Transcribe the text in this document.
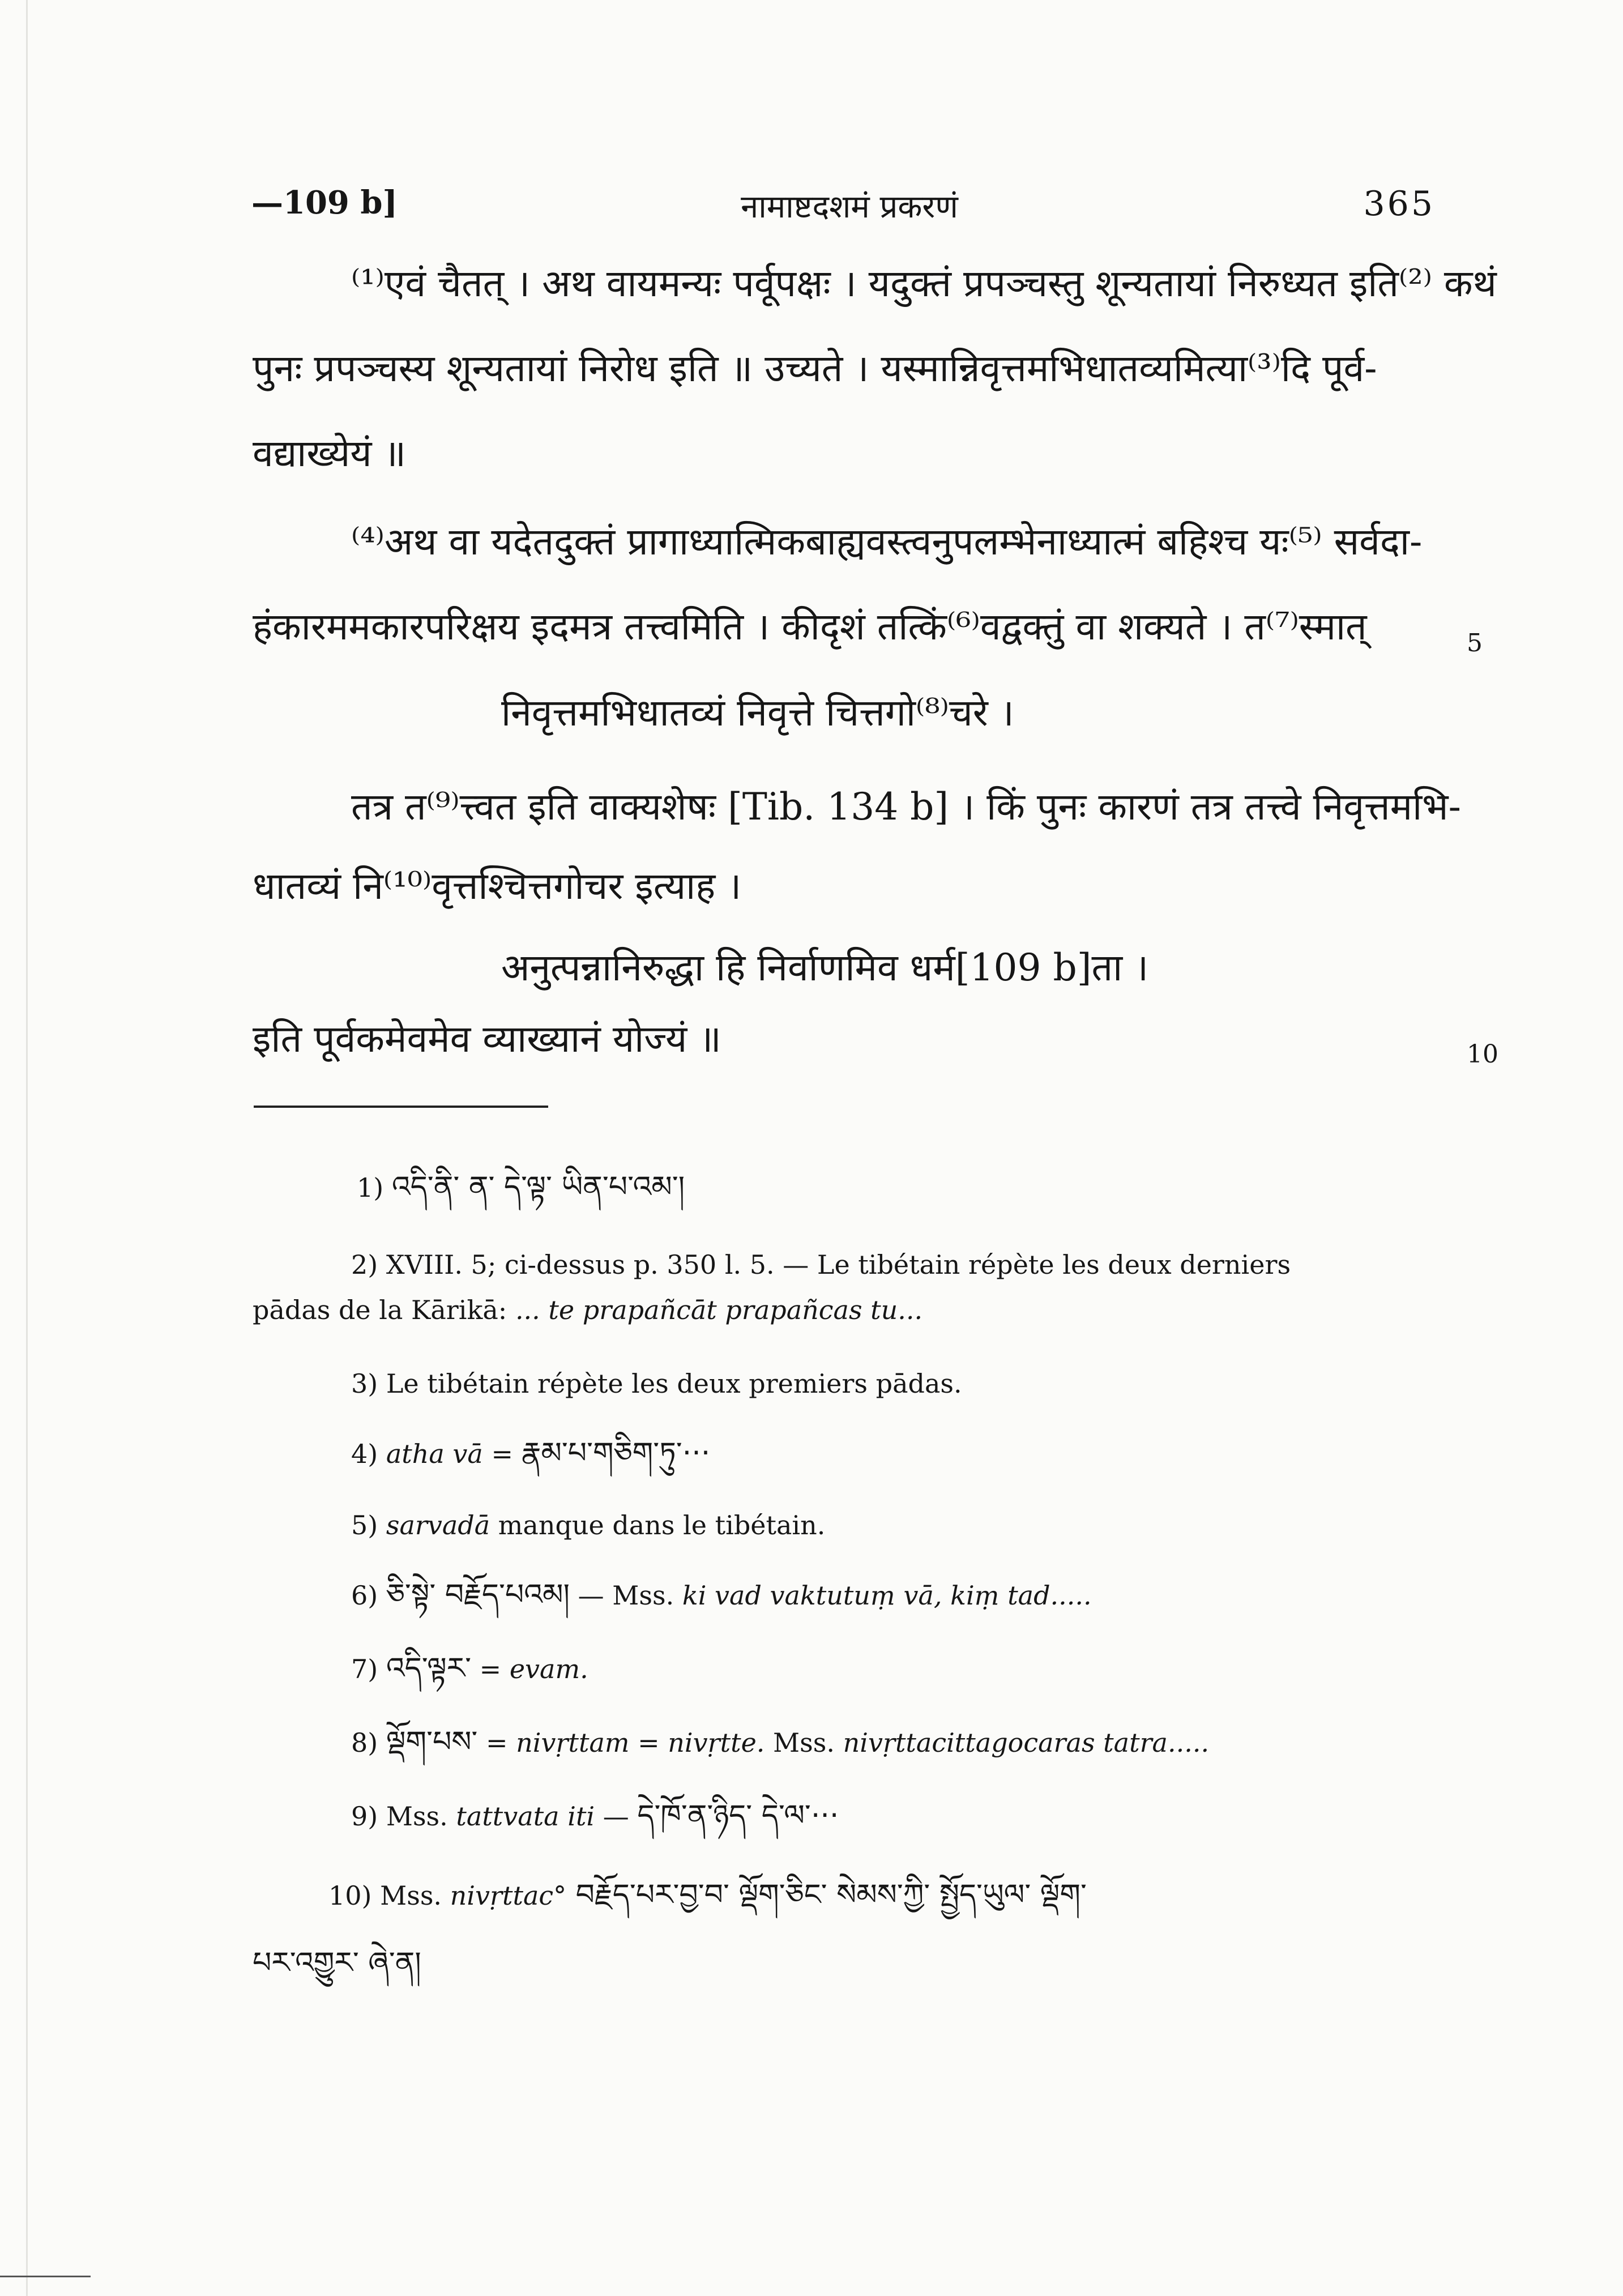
—109 b]	नामाष्टदशमं प्रकरणं	365
⁽¹⁾एवं चैतत् । अथ वायमन्यः पर्वूपक्षः । यदुक्तं प्रपञ्चस्तु शून्यतायां निरुध्यत इति⁽²⁾ कथं
पुनः प्रपञ्चस्य शून्यतायां निरोध इति ॥ उच्यते । यस्मान्निवृत्तमभिधातव्यमित्या⁽³⁾दि पूर्व-
वद्याख्येयं ॥
⁽⁴⁾अथ वा यदेतदुक्तं प्रागाध्यात्मिकबाह्यवस्त्वनुपलम्भेनाध्यात्मं बहिश्च यः⁽⁵⁾ सर्वदा-
हंकारममकारपरिक्षय इदमत्र तत्त्वमिति । कीदृशं तत्किं⁽⁶⁾वद्वक्तुं वा शक्यते । त⁽⁷⁾स्मात्	5
निवृत्तमभिधातव्यं निवृत्ते चित्तगो⁽⁸⁾चरे ।
तत्र त⁽⁹⁾त्त्वत इति वाक्यशेषः [Tib. 134 b] । किं पुनः कारणं तत्र तत्त्वे निवृत्तमभि-
धातव्यं नि⁽¹⁰⁾वृत्तश्चित्तगोचर इत्याह ।
अनुत्पन्नानिरुद्धा हि निर्वाणमिव धर्म[109 b]ता ।
इति पूर्वकमेवमेव व्याख्यानं योज्यं ॥	10
1) འདི་ནི་ ན་ དེ་ལྟ་ ཡིན་པ་འམ་།
2) XVIII. 5; ci-dessus p. 350 l. 5. — Le tibétain répète les deux derniers
pādas de la Kārikā: ... te prapañcāt prapañcas tu...
3) Le tibétain répète les deux premiers pādas.
4) atha vā = རྣམ་པ་གཅིག་ཏུ་···
5) sarvadā manque dans le tibétain.
6) ཅི་སྟེ་ བརྗོད་པའམ། — Mss. ki vad vaktutuṃ vā, kiṃ tad.....
7) འདི་ལྟར་ = evam.
8) ལྡོག་པས་ = nivṛttam = nivṛtte. Mss. nivṛttacittagocaras tatra.....
9) Mss. tattvata iti — དེ་ཁོ་ན་ཉིད་ དེ་ལ་···
10) Mss. nivṛttac° བརྗོད་པར་བྱ་བ་ ལྡོག་ཅིང་ སེམས་ཀྱི་ སྤྱོད་ཡུལ་ ལྡོག་
པར་འགྱུར་ ཞེ་ན།
